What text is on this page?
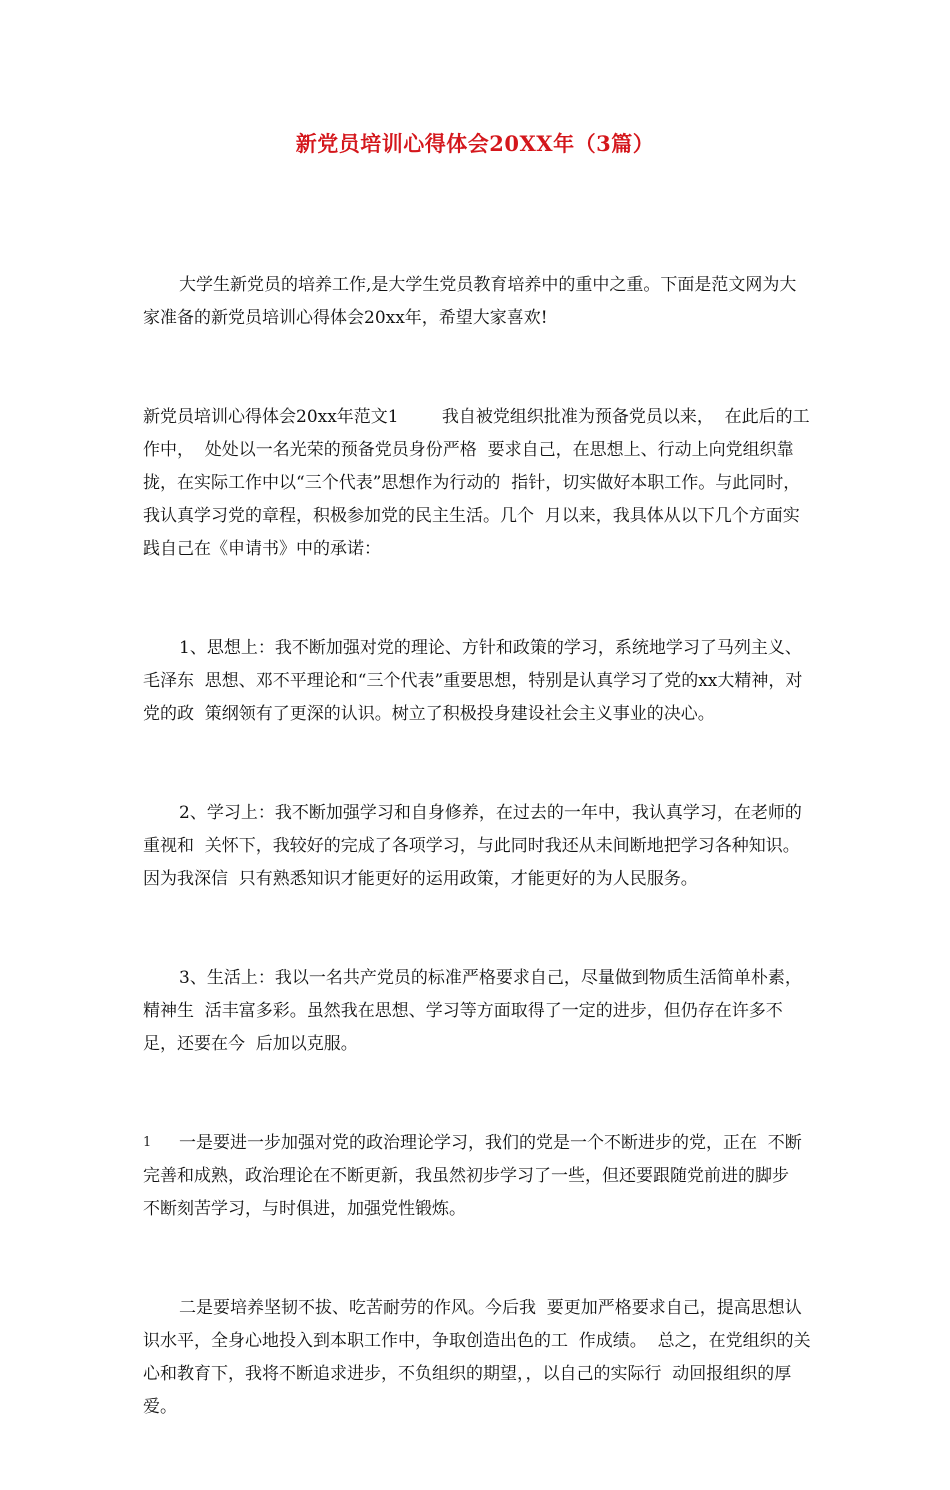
新党员培训心得体会20XX年（3篇）

大学生新党员的培养工作,是大学生党员教育培养中的重中之重。下面是范文网为大家准备的新党员培训心得体会20xx年，希望大家喜欢!

新党员培训心得体会20xx年范文1        我自被党组织批准为预备党员以来，  在此后的工作中，  处处以一名光荣的预备党员身份严格  要求自己，在思想上、行动上向党组织靠拢，在实际工作中以“三个代表”思想作为行动的  指针，切实做好本职工作。与此同时，我认真学习党的章程，积极参加党的民主生活。几个  月以来，我具体从以下几个方面实践自己在《申请书》中的承诺：

1、思想上：我不断加强对党的理论、方针和政策的学习，系统地学习了马列主义、毛泽东  思想、邓不平理论和“三个代表”重要思想，特别是认真学习了党的xx大精神，对党的政  策纲领有了更深的认识。树立了积极投身建设社会主义事业的决心。

2、学习上：我不断加强学习和自身修养，在过去的一年中，我认真学习，在老师的重视和  关怀下，我较好的完成了各项学习，与此同时我还从未间断地把学习各种知识。因为我深信  只有熟悉知识才能更好的运用政策，才能更好的为人民服务。

3、生活上：我以一名共产党员的标准严格要求自己，尽量做到物质生活简单朴素，精神生  活丰富多彩。虽然我在思想、学习等方面取得了一定的进步，但仍存在许多不足，还要在今  后加以克服。

一是要进一步加强对党的政治理论学习，我们的党是一个不断进步的党，正在  不断完善和成熟，政治理论在不断更新，我虽然初步学习了一些，但还要跟随党前进的脚步  不断刻苦学习，与时俱进，加强党性锻炼。

二是要培养坚韧不拔、吃苦耐劳的作风。今后我  要更加严格要求自己，提高思想认识水平，全身心地投入到本职工作中，争取创造出色的工  作成绩。  总之，在党组织的关心和教育下，我将不断追求进步，不负组织的期望，，以自己的实际行  动回报组织的厚爱。

1
